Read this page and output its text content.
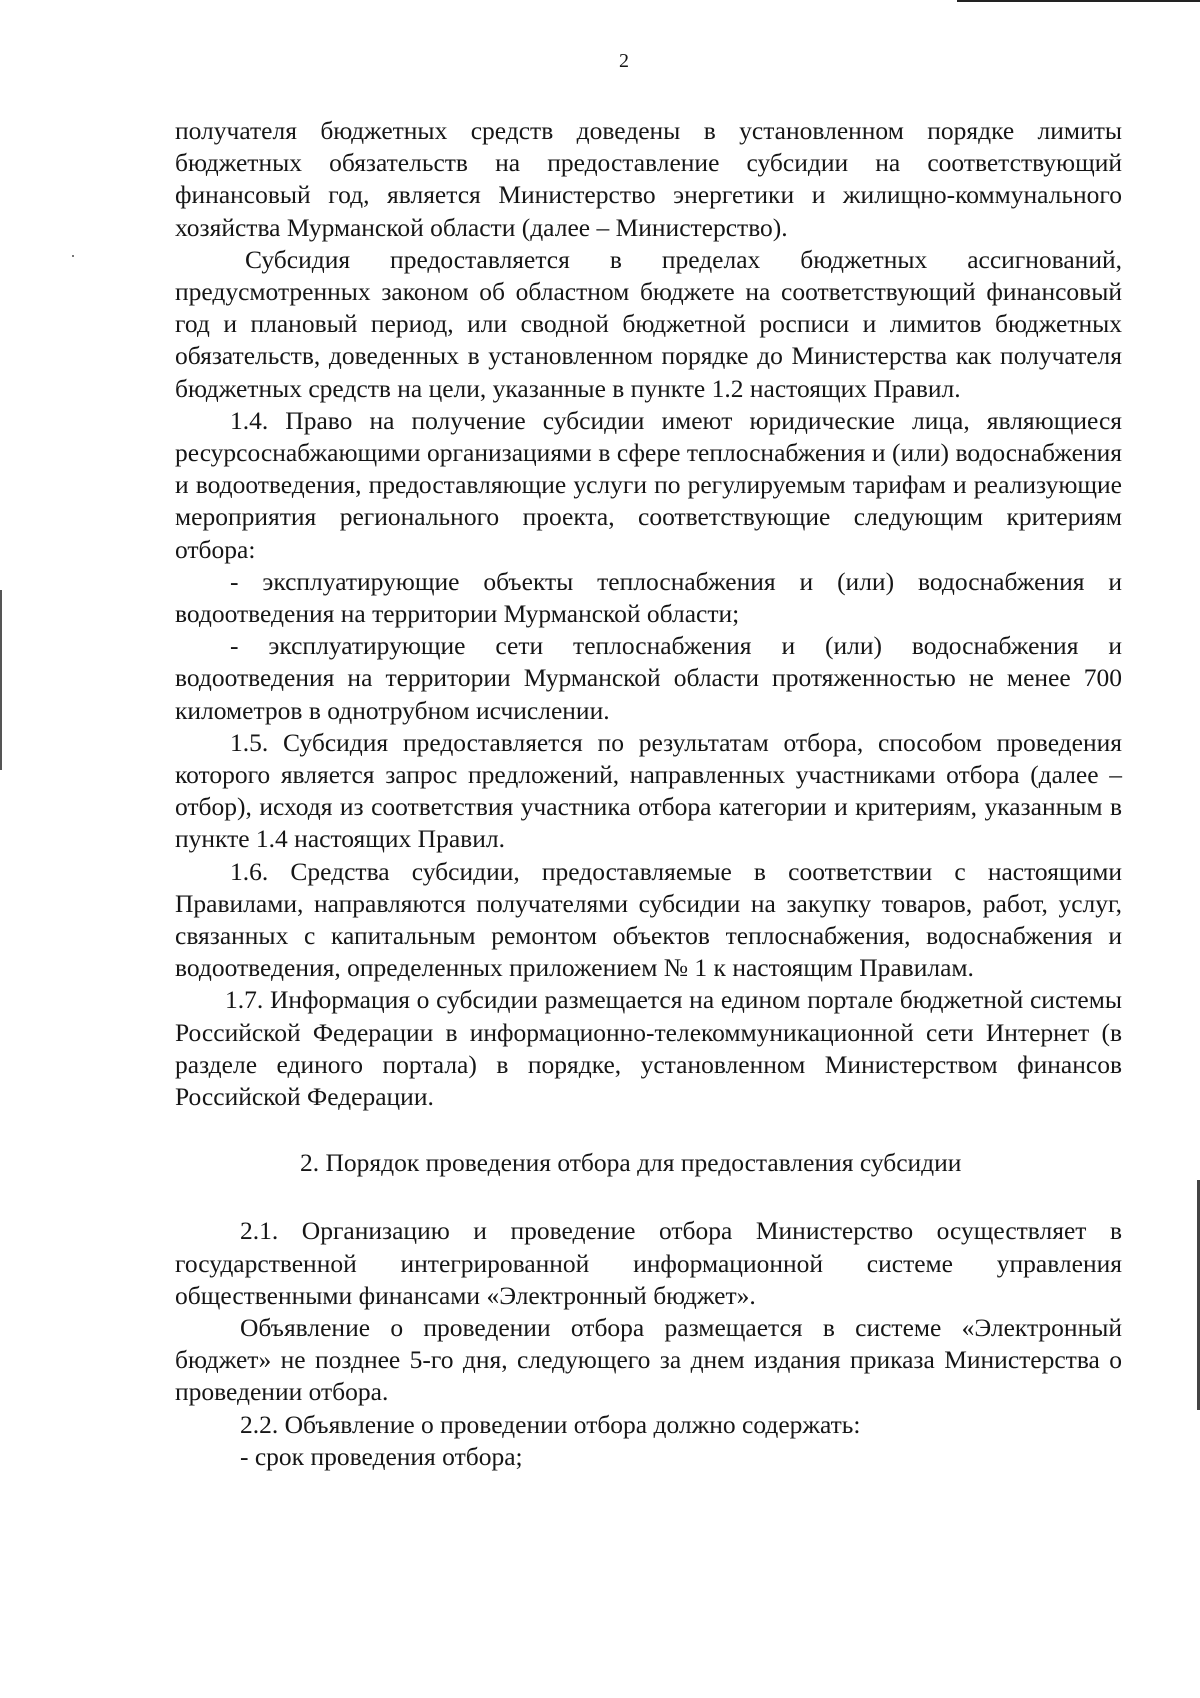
2

получателя бюджетных средств доведены в установленном порядке лимиты бюджетных обязательств на предоставление субсидии на соответствующий финансовый год, является Министерство энергетики и жилищно-коммунального хозяйства Мурманской области (далее – Министерство).

Субсидия предоставляется в пределах бюджетных ассигнований, предусмотренных законом об областном бюджете на соответствующий финансовый год и плановый период, или сводной бюджетной росписи и лимитов бюджетных обязательств, доведенных в установленном порядке до Министерства как получателя бюджетных средств на цели, указанные в пункте 1.2 настоящих Правил.

1.4. Право на получение субсидии имеют юридические лица, являющиеся ресурсоснабжающими организациями в сфере теплоснабжения и (или) водоснабжения и водоотведения, предоставляющие услуги по регулируемым тарифам и реализующие мероприятия регионального проекта, соответствующие следующим критериям отбора:

- эксплуатирующие объекты теплоснабжения и (или) водоснабжения и водоотведения на территории Мурманской области;

- эксплуатирующие сети теплоснабжения и (или) водоснабжения и водоотведения на территории Мурманской области протяженностью не менее 700 километров в однотрубном исчислении.

1.5. Субсидия предоставляется по результатам отбора, способом проведения которого является запрос предложений, направленных участниками отбора (далее – отбор), исходя из соответствия участника отбора категории и критериям, указанным в пункте 1.4 настоящих Правил.

1.6. Средства субсидии, предоставляемые в соответствии с настоящими Правилами, направляются получателями субсидии на закупку товаров, работ, услуг, связанных с капитальным ремонтом объектов теплоснабжения, водоснабжения и водоотведения, определенных приложением № 1 к настоящим Правилам.

1.7. Информация о субсидии размещается на едином портале бюджетной системы Российской Федерации в информационно-телекоммуникационной сети Интернет (в разделе единого портала) в порядке, установленном Министерством финансов Российской Федерации.

2. Порядок проведения отбора для предоставления субсидии

2.1. Организацию и проведение отбора Министерство осуществляет в государственной интегрированной информационной системе управления общественными финансами «Электронный бюджет».

Объявление о проведении отбора размещается в системе «Электронный бюджет» не позднее 5-го дня, следующего за днем издания приказа Министерства о проведении отбора.

2.2. Объявление о проведении отбора должно содержать:

- срок проведения отбора;
